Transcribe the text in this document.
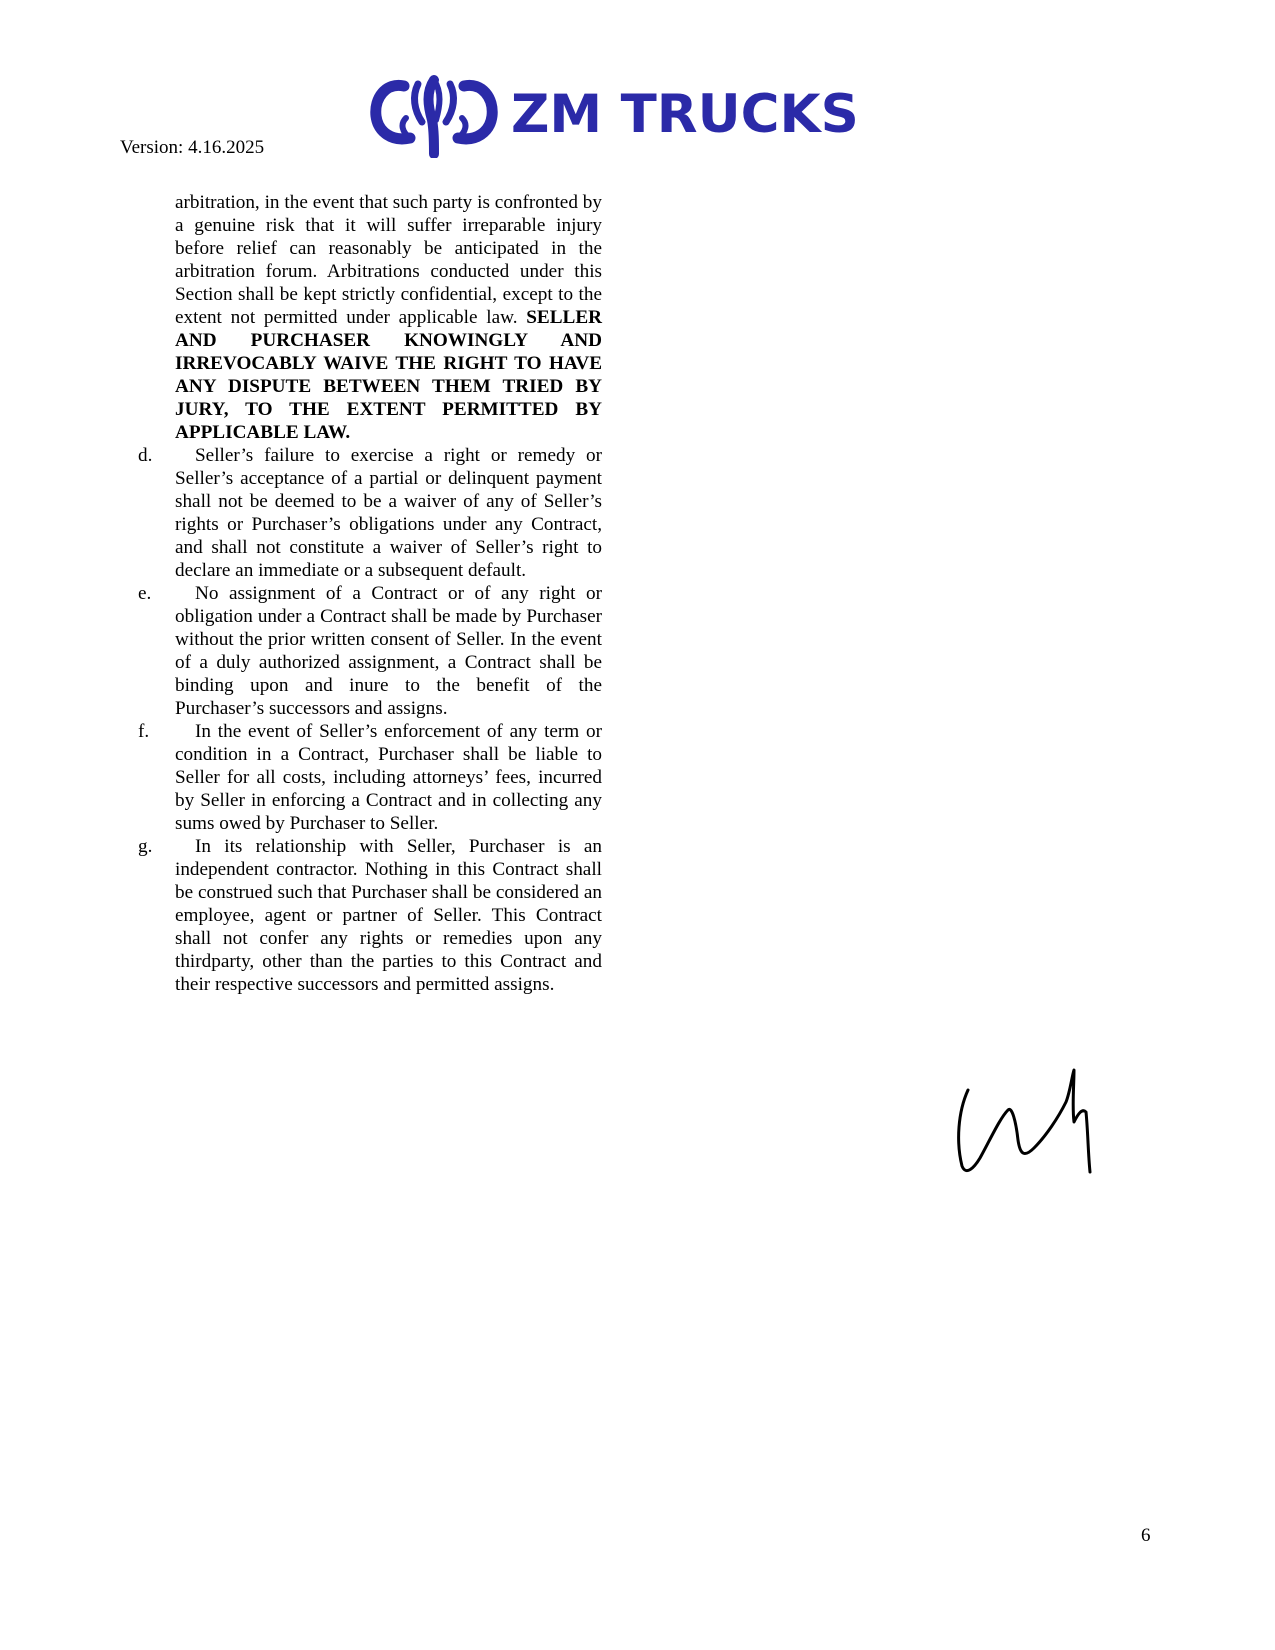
Version: 4.16.2025
ZM TRUCKS

arbitration, in the event that such party is confronted by a genuine risk that it will suffer irreparable injury before relief can reasonably be anticipated in the arbitration forum. Arbitrations conducted under this Section shall be kept strictly confidential, except to the extent not permitted under applicable law. SELLER AND PURCHASER KNOWINGLY AND IRREVOCABLY WAIVE THE RIGHT TO HAVE ANY DISPUTE BETWEEN THEM TRIED BY JURY, TO THE EXTENT PERMITTED BY APPLICABLE LAW.

d. Seller’s failure to exercise a right or remedy or Seller’s acceptance of a partial or delinquent payment shall not be deemed to be a waiver of any of Seller’s rights or Purchaser’s obligations under any Contract, and shall not constitute a waiver of Seller’s right to declare an immediate or a subsequent default.

e. No assignment of a Contract or of any right or obligation under a Contract shall be made by Purchaser without the prior written consent of Seller. In the event of a duly authorized assignment, a Contract shall be binding upon and inure to the benefit of the Purchaser’s successors and assigns.

f. In the event of Seller’s enforcement of any term or condition in a Contract, Purchaser shall be liable to Seller for all costs, including attorneys’ fees, incurred by Seller in enforcing a Contract and in collecting any sums owed by Purchaser to Seller.

g. In its relationship with Seller, Purchaser is an independent contractor. Nothing in this Contract shall be construed such that Purchaser shall be considered an employee, agent or partner of Seller. This Contract shall not confer any rights or remedies upon any thirdparty, other than the parties to this Contract and their respective successors and permitted assigns.

6
